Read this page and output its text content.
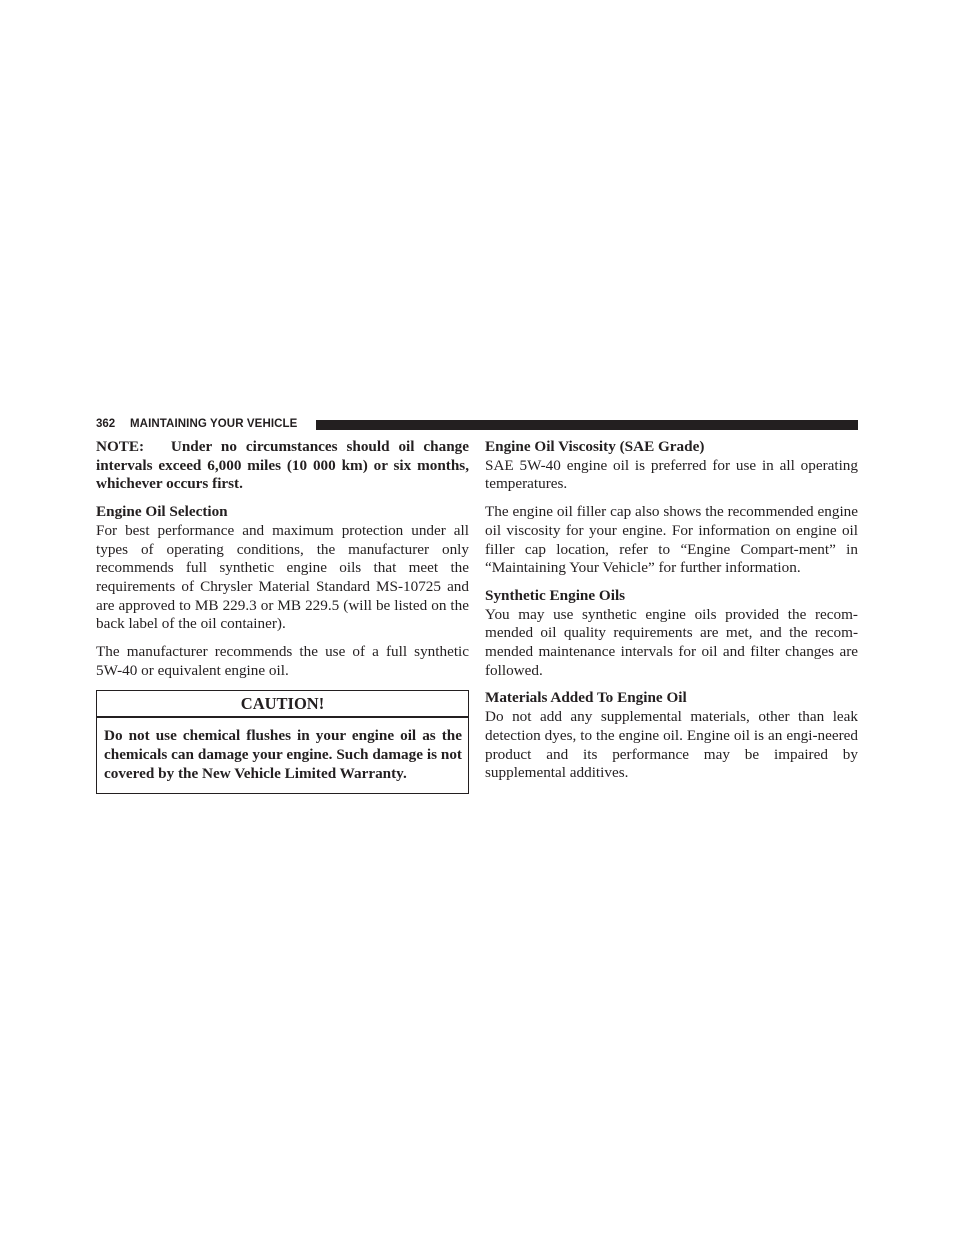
362 MAINTAINING YOUR VEHICLE

NOTE:   Under no circumstances should oil change intervals exceed 6,000 miles (10 000 km) or six months, whichever occurs first.

Engine Oil Selection

For best performance and maximum protection under all types of operating conditions, the manufacturer only recommends full synthetic engine oils that meet the requirements of Chrysler Material Standard MS-10725 and are approved to MB 229.3 or MB 229.5 (will be listed on the back label of the oil container).

The manufacturer recommends the use of a full synthetic 5W-40 or equivalent engine oil.

CAUTION!

Do not use chemical flushes in your engine oil as the chemicals can damage your engine. Such damage is not covered by the New Vehicle Limited Warranty.

Engine Oil Viscosity (SAE Grade)

SAE 5W-40 engine oil is preferred for use in all operating temperatures.

The engine oil filler cap also shows the recommended engine oil viscosity for your engine. For information on engine oil filler cap location, refer to “Engine Compart-ment” in “Maintaining Your Vehicle” for further information.

Synthetic Engine Oils

You may use synthetic engine oils provided the recom-mended oil quality requirements are met, and the recom-mended maintenance intervals for oil and filter changes are followed.

Materials Added To Engine Oil

Do not add any supplemental materials, other than leak detection dyes, to the engine oil. Engine oil is an engi-neered product and its performance may be impaired by supplemental additives.
